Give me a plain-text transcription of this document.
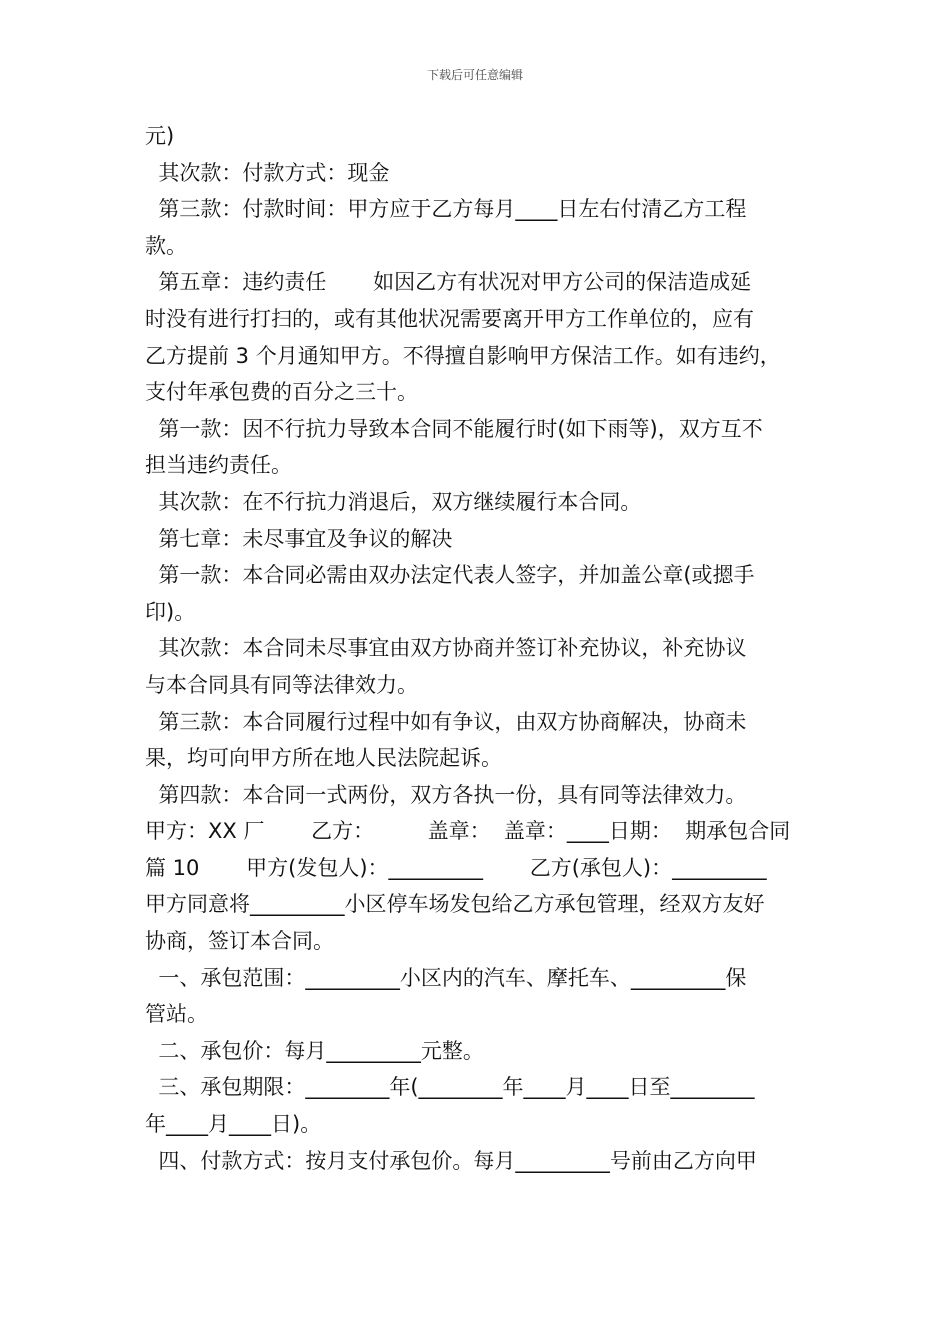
下载后可任意编辑

元)

其次款：付款方式：现金

第三款：付款时间：甲方应于乙方每月____日左右付清乙方工程

款。

第五章：违约责任       如因乙方有状况对甲方公司的保洁造成延

时没有进行打扫的，或有其他状况需要离开甲方工作单位的，应有

乙方提前 3 个月通知甲方。不得擅自影响甲方保洁工作。如有违约，

支付年承包费的百分之三十。

第一款：因不行抗力导致本合同不能履行时(如下雨等)，双方互不

担当违约责任。

其次款：在不行抗力消退后，双方继续履行本合同。

第七章：未尽事宜及争议的解决

第一款：本合同必需由双办法定代表人签字，并加盖公章(或摁手

印)。

其次款：本合同未尽事宜由双方协商并签订补充协议，补充协议

与本合同具有同等法律效力。

第三款：本合同履行过程中如有争议，由双方协商解决，协商未

果，均可向甲方所在地人民法院起诉。

第四款：本合同一式两份，双方各执一份，具有同等法律效力。

甲方：XX 厂       乙方：        盖章：  盖章：____日期：  期承包合同

篇 10       甲方(发包人)：_________       乙方(承包人)：_________

甲方同意将_________小区停车场发包给乙方承包管理，经双方友好

协商，签订本合同。

一、承包范围：_________小区内的汽车、摩托车、_________保

管站。

二、承包价：每月_________元整。

三、承包期限：________年(________年____月____日至________

年____月____日)。

四、付款方式：按月支付承包价。每月_________号前由乙方向甲
